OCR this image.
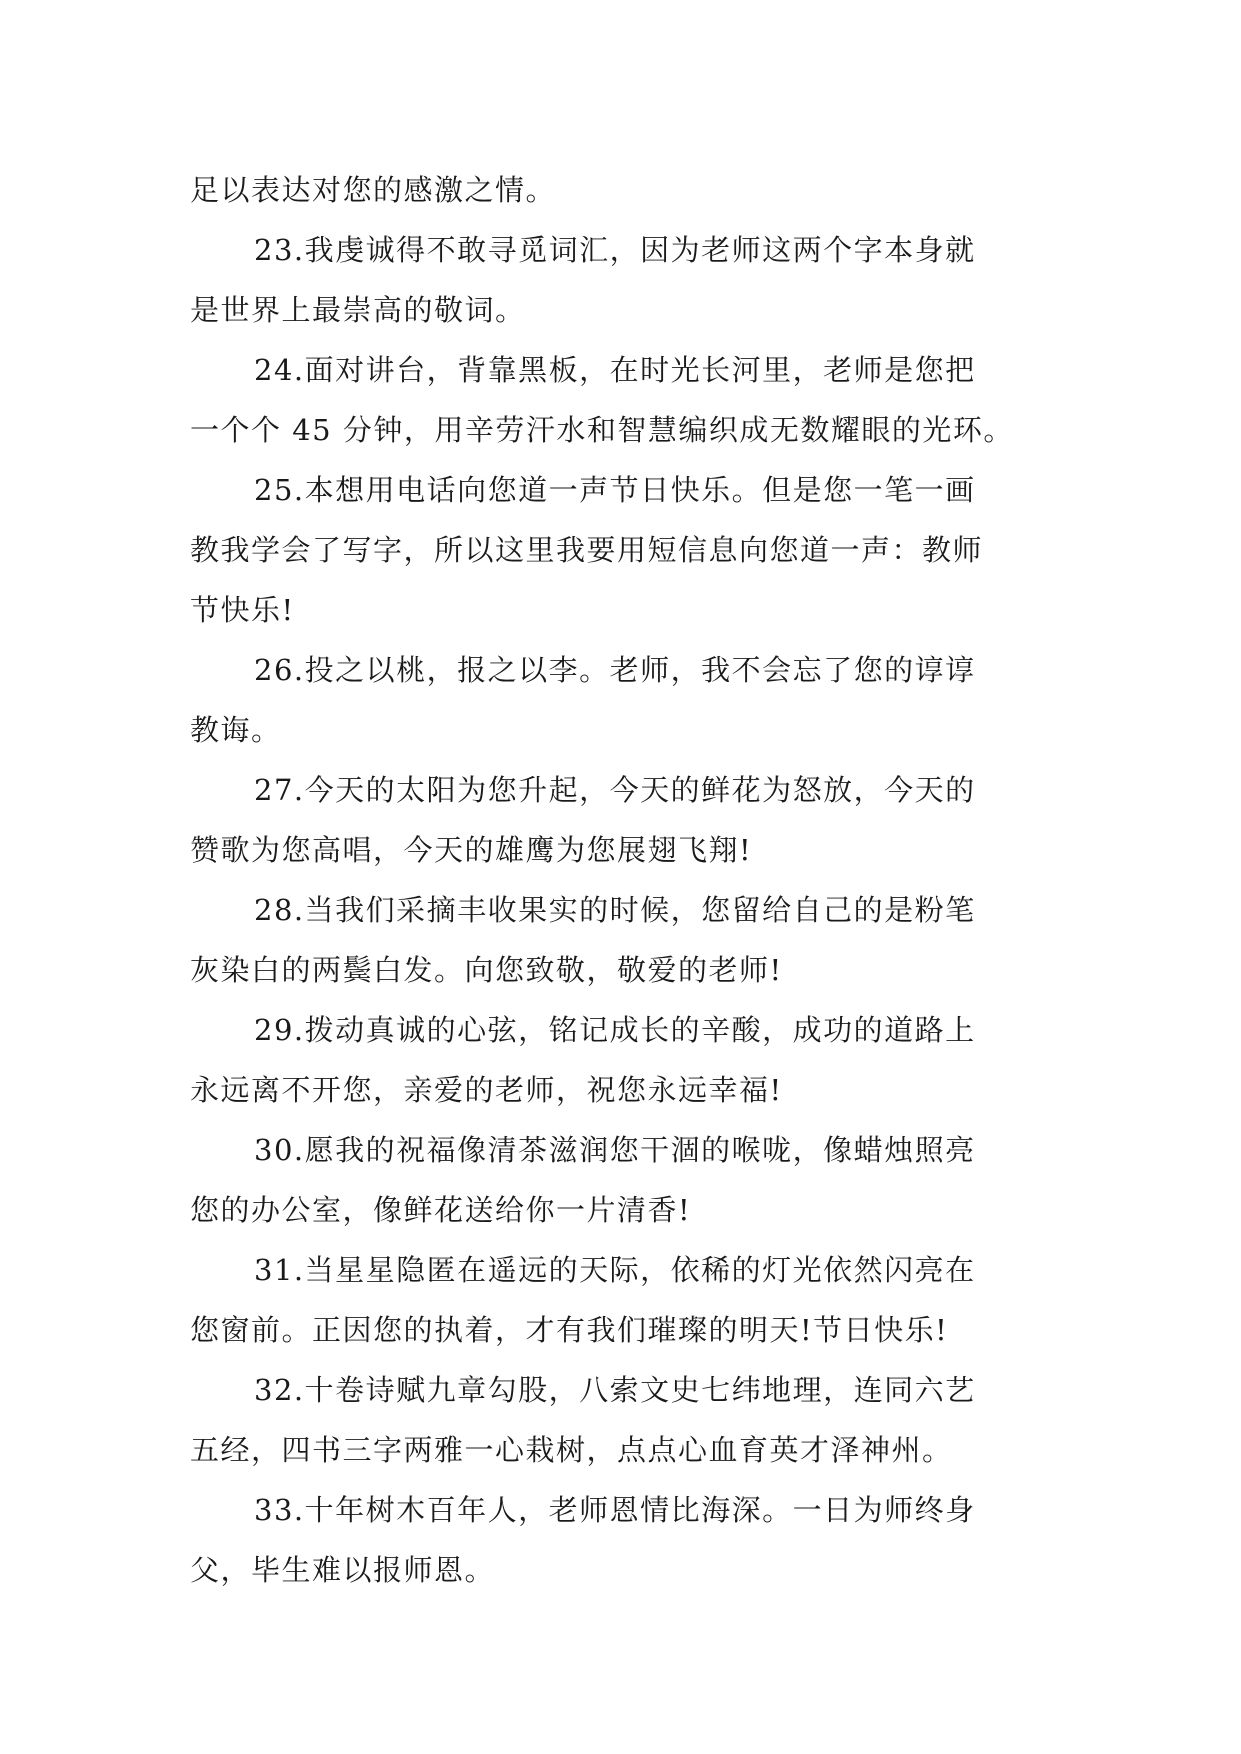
足以表达对您的感激之情。
23.我虔诚得不敢寻觅词汇，因为老师这两个字本身就
是世界上最崇高的敬词。
24.面对讲台，背靠黑板，在时光长河里，老师是您把
一个个 45 分钟，用辛劳汗水和智慧编织成无数耀眼的光环。
25.本想用电话向您道一声节日快乐。但是您一笔一画
教我学会了写字，所以这里我要用短信息向您道一声：教师
节快乐!
26.投之以桃，报之以李。老师，我不会忘了您的谆谆
教诲。
27.今天的太阳为您升起，今天的鲜花为怒放，今天的
赞歌为您高唱，今天的雄鹰为您展翅飞翔!
28.当我们采摘丰收果实的时候，您留给自己的是粉笔
灰染白的两鬓白发。向您致敬，敬爱的老师!
29.拨动真诚的心弦，铭记成长的辛酸，成功的道路上
永远离不开您，亲爱的老师，祝您永远幸福!
30.愿我的祝福像清茶滋润您干涸的喉咙，像蜡烛照亮
您的办公室，像鲜花送给你一片清香!
31.当星星隐匿在遥远的天际，依稀的灯光依然闪亮在
您窗前。正因您的执着，才有我们璀璨的明天!节日快乐!
32.十卷诗赋九章勾股，八索文史七纬地理，连同六艺
五经，四书三字两雅一心栽树，点点心血育英才泽神州。
33.十年树木百年人，老师恩情比海深。一日为师终身
父，毕生难以报师恩。
